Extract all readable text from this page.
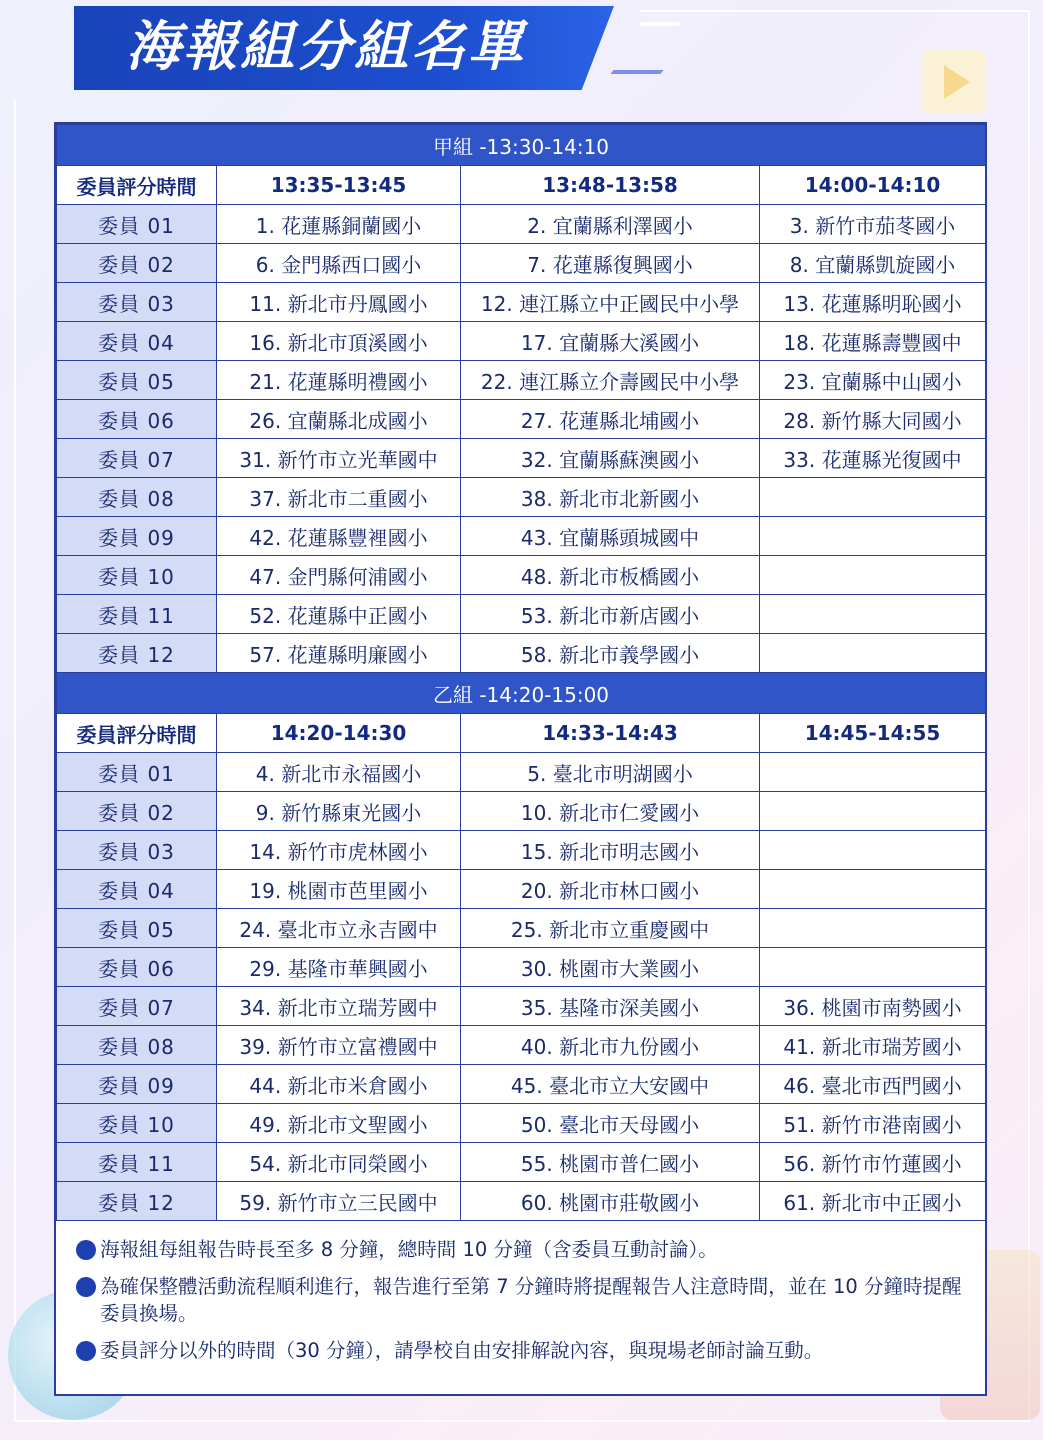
海報組分組名單
甲組 -13:30-14:10			
委員評分時間	13:35-13:45	13:48-13:58	14:00-14:10
委員 01	1. 花蓮縣銅蘭國小	2. 宜蘭縣利澤國小	3. 新竹市茄苳國小
委員 02	6. 金門縣西口國小	7. 花蓮縣復興國小	8. 宜蘭縣凱旋國小
委員 03	11. 新北市丹鳳國小	12. 連江縣立中正國民中小學	13. 花蓮縣明恥國小
委員 04	16. 新北市頂溪國小	17. 宜蘭縣大溪國小	18. 花蓮縣壽豐國中
委員 05	21. 花蓮縣明禮國小	22. 連江縣立介壽國民中小學	23. 宜蘭縣中山國小
委員 06	26. 宜蘭縣北成國小	27. 花蓮縣北埔國小	28. 新竹縣大同國小
委員 07	31. 新竹市立光華國中	32. 宜蘭縣蘇澳國小	33. 花蓮縣光復國中
委員 08	37. 新北市二重國小	38. 新北市北新國小	
委員 09	42. 花蓮縣豐裡國小	43. 宜蘭縣頭城國中	
委員 10	47. 金門縣何浦國小	48. 新北市板橋國小	
委員 11	52. 花蓮縣中正國小	53. 新北市新店國小	
委員 12	57. 花蓮縣明廉國小	58. 新北市義學國小	
乙組 -14:20-15:00			
委員評分時間	14:20-14:30	14:33-14:43	14:45-14:55
委員 01	4. 新北市永福國小	5. 臺北市明湖國小	
委員 02	9. 新竹縣東光國小	10. 新北市仁愛國小	
委員 03	14. 新竹市虎林國小	15. 新北市明志國小	
委員 04	19. 桃園市芭里國小	20. 新北市林口國小	
委員 05	24. 臺北市立永吉國中	25. 新北市立重慶國中	
委員 06	29. 基隆市華興國小	30. 桃園市大業國小	
委員 07	34. 新北市立瑞芳國中	35. 基隆市深美國小	36. 桃園市南勢國小
委員 08	39. 新竹市立富禮國中	40. 新北市九份國小	41. 新北市瑞芳國小
委員 09	44. 新北市米倉國小	45. 臺北市立大安國中	46. 臺北市西門國小
委員 10	49. 新北市文聖國小	50. 臺北市天母國小	51. 新竹市港南國小
委員 11	54. 新北市同榮國小	55. 桃園市普仁國小	56. 新竹市竹蓮國小
委員 12	59. 新竹市立三民國中	60. 桃園市莊敬國小	61. 新北市中正國小
海報組每組報告時長至多 8 分鐘，總時間 10 分鐘（含委員互動討論）。
為確保整體活動流程順利進行，報告進行至第 7 分鐘時將提醒報告人注意時間，並在 10 分鐘時提醒委員換場。
委員評分以外的時間（30 分鐘），請學校自由安排解說內容，與現場老師討論互動。
